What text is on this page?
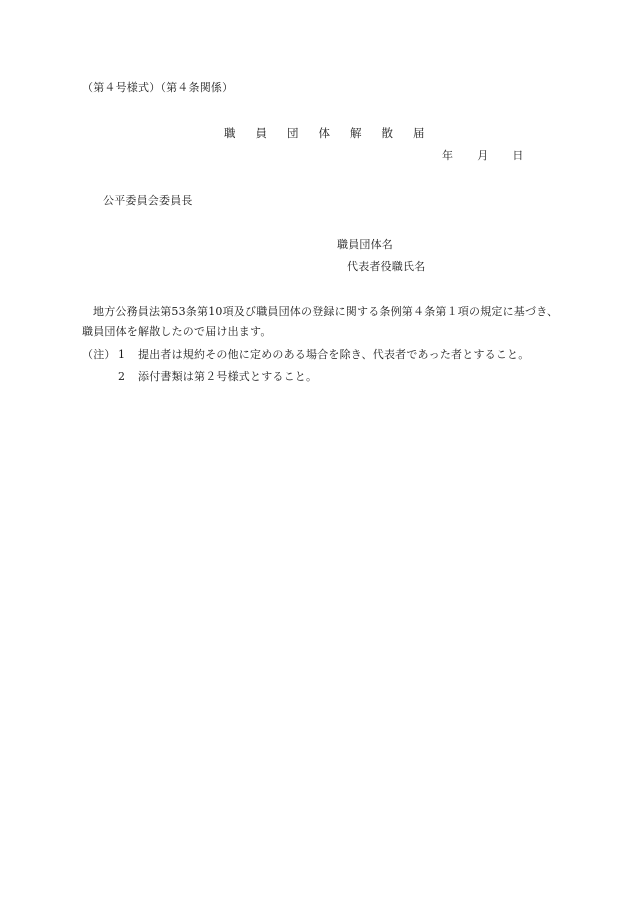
（第４号様式）（第４条関係）
職 員 団 体 解 散 届
年 月 日
公平委員会委員長
職員団体名
代表者役職氏名
地方公務員法第53条第10項及び職員団体の登録に関する条例第４条第１項の規定に基づき、職員団体を解散したので届け出ます。
（注） 1 提出者は規約その他に定めのある場合を除き、代表者であった者とすること。
2 添付書類は第２号様式とすること。
